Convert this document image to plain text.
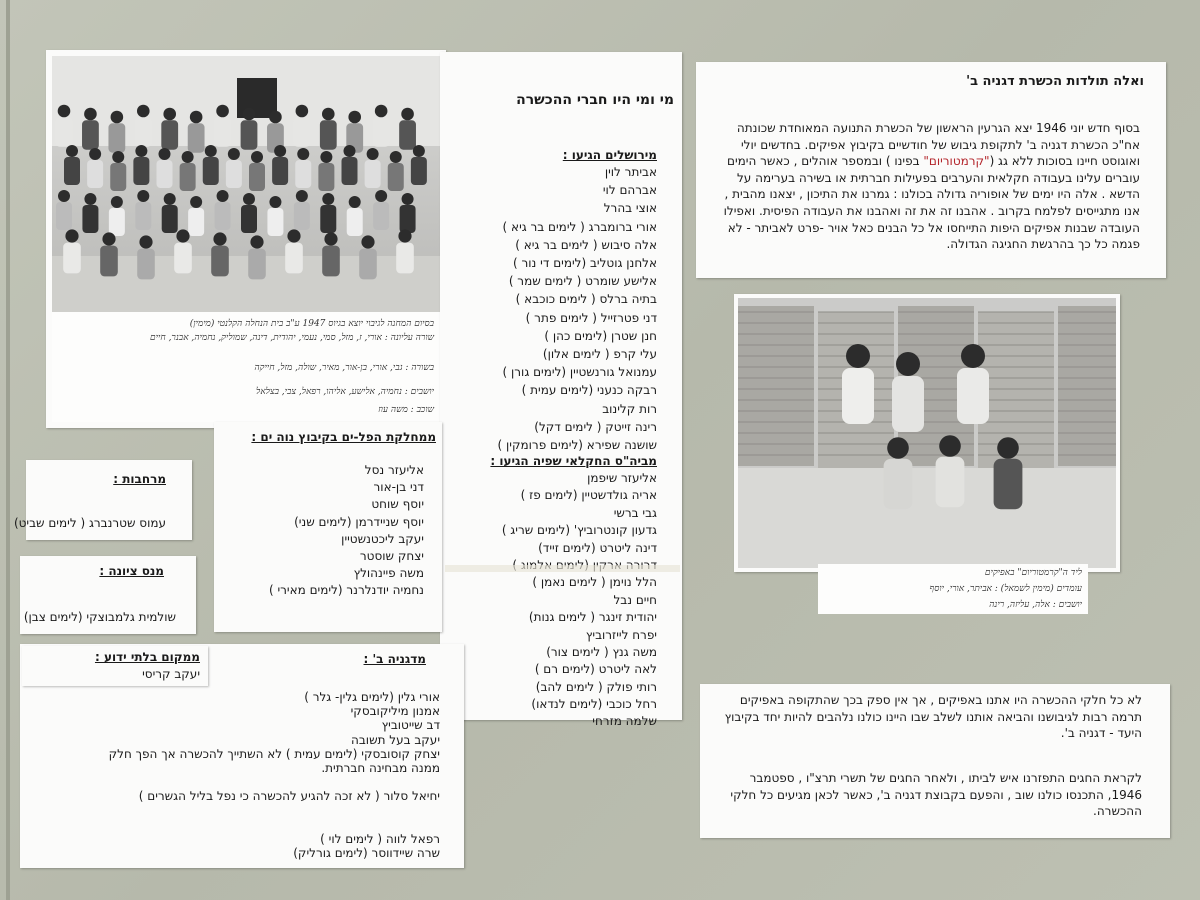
בסיום המחנה לגיבוי יוצא בגיוס 1947 ע"ב בית הנחלה הקלנטי (מימין)
שורה עליונה : אורי, ז, מזל, סמי, נעמי, יהודית, דינה, שמוליק, נחמיה, אבנר, חיים
בשורה : גבי, אורי, בן-אור, מאיר, שולה, מזל, חייקה
יושבים : נחמיה, אלישע, אליהו, רפאל, צבי, בצלאל
שוכב : משה עוז
מי ומי היו חברי ההכשרה
מירושלים הגיעו :
אביתר לוין
אברהם לוי
אוצי בהרל
אורי ברומברג ( לימים בר גיא )
אלה סיבוש ( לימים בר גיא )
אלחנן גוטליב (לימים די נור )
אלישע שומרט ( לימים שמר )
בתיה ברלס ( לימים כוכבא )
דני פטרזייל ( לימים פתר )
חנן שטרן (לימים כהן )
עלי קרפ ( לימים אלון)
עמנואל גורנשטיין (לימים גורן )
רבקה כנעני (לימים עמית )
רות קלינוב
רינה זייטק ( לימים דקל)
שושנה שפירא (לימים פרומקין )
מביה"ס החקלאי שפיה הגיעו :
אליעזר שיפמן
אריה גולדשטיין (לימים פז )
גבי ברשי
גדעון קונטרוביץ' (לימים שריג )
דינה ליטרט (לימים זייד)
הלל נוימן ( לימים נאמן )
חיים נבל
יהודית זינגר ( לימים גנות)
יפרח לייזרוביץ
משה גנץ ( לימים צור)
לאה ליטרט (לימים רם )
רותי פולק ( לימים להב)
רחל כוכבי (לימים לנדאו)
שלמה מזרחי
ממחלקת הפל-ים בקיבוץ נוה ים :
אליעזר נסל
דני בן-אור
יוסף שוחט
יוסף שניידרמן (לימים שני)
יעקב ליכטנשטיין
יצחק שוסטר
משה פיינהולץ
נחמיה יודנלרנר (לימים מאירי )
מרחבות :
עמוס שטרנברג ( לימים שביט)
מנס ציונה :
שולמית גלמבוצקי (לימים צבן)
מדגניה ב' :
אורי גלין (לימים גלין- גלר )
אמנון מיליקובסקי
דב שייטוביץ
יעקב בעל תשובה
יצחק קוסובסקי (לימים עמית ) לא השתייך להכשרה אך הפך חלק
ממנה מבחינה חברתית.

יחיאל סלור ( לא זכה להגיע להכשרה כי נפל בליל הגשרים )

רפאל לווה ( לימים לוי )
שרה שיידווסר (לימים גורליק)
ממקום בלתי ידוע :
יעקב קריסי
ואלה תולדות הכשרת דגניה ב'
בסוף חדש יוני 1946 יצא הגרעין הראשון של הכשרת התנועה המאוחדת שכונתה אח"כ הכשרת דגניה ב' לתקופת גיבוש של חודשיים בקיבוץ אפיקים. בחדשים יולי ואוגוסט חיינו בסוכות ללא גג ("קרמטוריום" בפינו ) ובמספר אוהלים , כאשר הימים עוברים עלינו בעבודה חקלאית והערבים בפעילות חברתית או בשירה בערימה על הדשא . אלה היו ימים של אופוריה גדולה בכולנו : גמרנו את התיכון , יצאנו מהבית , אנו מתגייסים לפלמח בקרוב . אהבנו זה את זה ואהבנו את העבודה הפיסית. ואפילו העובדה שבנות אפיקים היפות התייחסו אל כל הבנים כאל אויר -פרט לאביתר - לא פגמה כל כך בהרגשת החגיגה הגדולה.
ליד ה"קרמטוריום" באפיקים
עומדים (מימין לשמאל) : אביתר, אורי, יוסף
יושבים : אלה, עליזה, רינה
לא כל חלקי ההכשרה היו אתנו באפיקים , אך אין ספק בכך שהתקופה באפיקים תרמה רבות לגיבושנו והביאה אותנו לשלב שבו היינו כולנו נלהבים להיות יחד בקיבוץ היעד - דגניה ב'.
לקראת החגים התפזרנו איש לביתו , ולאחר החגים של תשרי תרצ"ו , ספטמבר 1946, התכנסו כולנו שוב , והפעם בקבוצת דגניה ב', כאשר לכאן מגיעים כל חלקי ההכשרה.
